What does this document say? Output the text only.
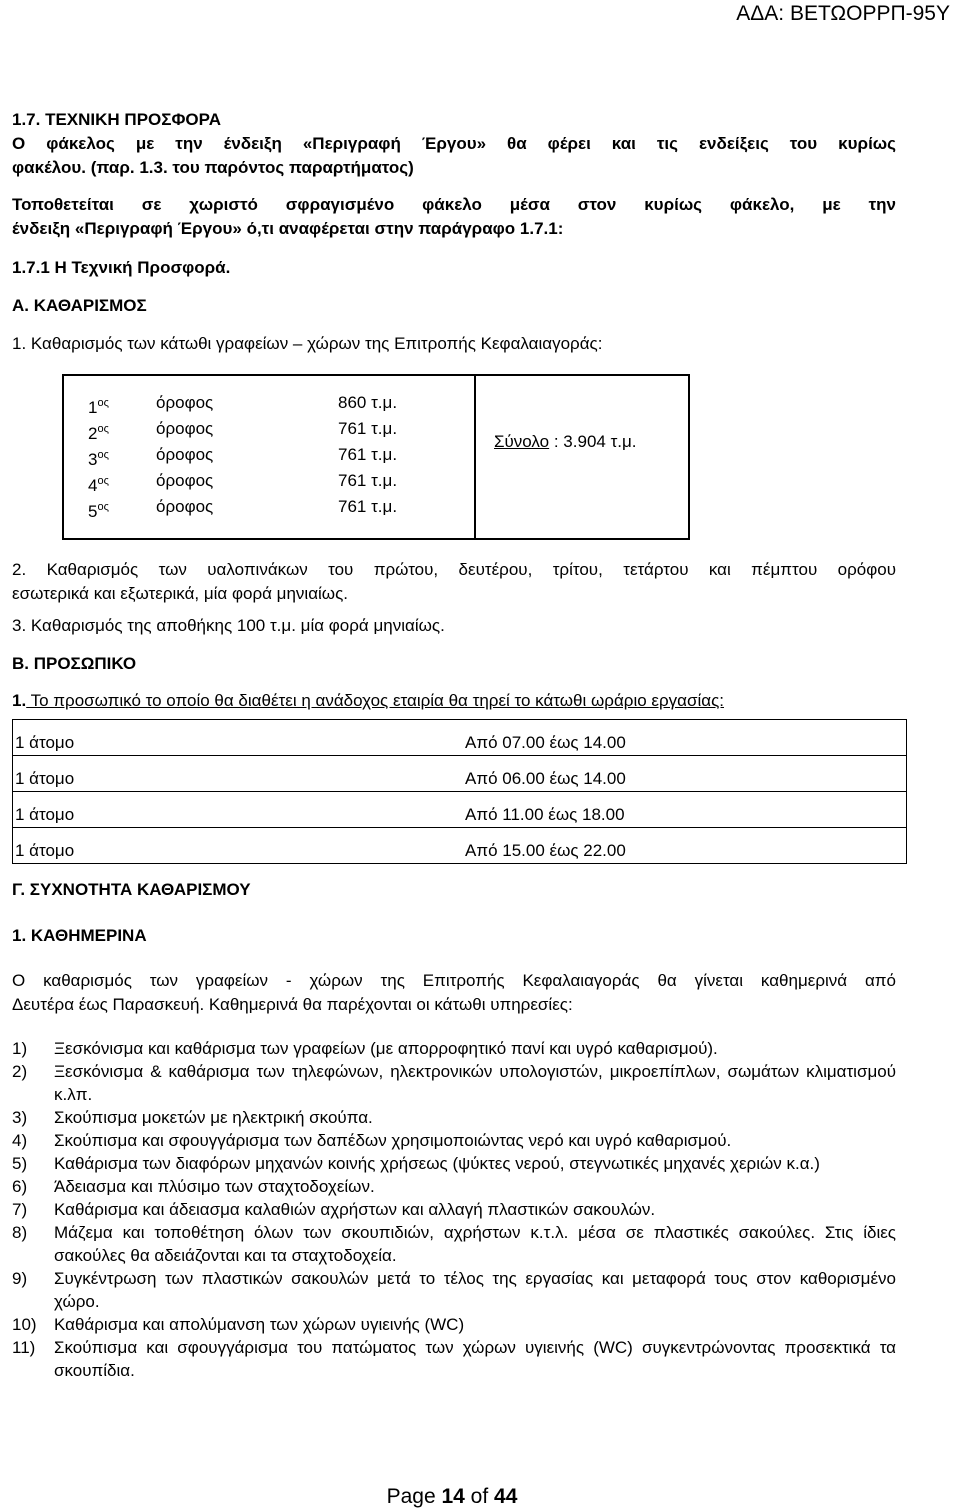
ΑΔΑ: ΒΕΤΩΟΡΡΠ-95Υ
1.7. ΤΕΧΝΙΚΗ ΠΡΟΣΦΟΡΑ
Ο φάκελος με την ένδειξη «Περιγραφή Έργου» θα φέρει και τις ενδείξεις του κυρίως
φακέλου. (παρ. 1.3. του παρόντος παραρτήματος)
Τοποθετείται σε χωριστό σφραγισμένο φάκελο μέσα στον κυρίως φάκελο, με την
ένδειξη «Περιγραφή Έργου» ό,τι αναφέρεται στην παράγραφο 1.7.1:
1.7.1 Η Τεχνική Προσφορά.
Α. ΚΑΘΑΡΙΣΜΟΣ
1. Καθαρισμός των κάτωθι γραφείων – χώρων της Επιτροπής Κεφαλαιαγοράς:
$1^{o\varsigma}$	όροφος	860 τ.μ.
$2^{o\varsigma}$	όροφος	761 τ.μ.
$3^{o\varsigma}$	όροφος	761 τ.μ.
$4^{o\varsigma}$	όροφος	761 τ.μ.
$5^{o\varsigma}$	όροφος	761 τ.μ.
Σύνολο : 3.904 τ.μ.
2. Καθαρισμός των υαλοπινάκων του πρώτου, δευτέρου, τρίτου, τετάρτου και πέμπτου ορόφου
εσωτερικά και εξωτερικά, μία φορά μηνιαίως.
3. Καθαρισμός της αποθήκης 100 τ.μ. μία φορά μηνιαίως.
Β. ΠΡΟΣΩΠΙΚΟ
1. Το προσωπικό το οποίο θα διαθέτει η ανάδοχος εταιρία θα τηρεί το κάτωθι ωράριο εργασίας:
1 άτομο	Από 07.00 έως 14.00
1 άτομο	Από 06.00 έως 14.00
1 άτομο	Από 11.00 έως 18.00
1 άτομο	Από 15.00 έως 22.00
Γ. ΣΥΧΝΟΤΗΤΑ ΚΑΘΑΡΙΣΜΟΥ
1. ΚΑΘΗΜΕΡΙΝΑ
Ο καθαρισμός των γραφείων - χώρων της Επιτροπής Κεφαλαιαγοράς θα γίνεται καθημερινά από
Δευτέρα έως Παρασκευή. Καθημερινά θα παρέχονται οι κάτωθι υπηρεσίες:
1) Ξεσκόνισμα και καθάρισμα των γραφείων (με απορροφητικό πανί και υγρό καθαρισμού).
2) Ξεσκόνισμα & καθάρισμα των τηλεφώνων, ηλεκτρονικών υπολογιστών, μικροεπίπλων, σωμάτων κλιματισμού κ.λπ.
3) Σκούπισμα μοκετών με ηλεκτρική σκούπα.
4) Σκούπισμα και σφουγγάρισμα των δαπέδων χρησιμοποιώντας νερό και υγρό καθαρισμού.
5) Καθάρισμα των διαφόρων μηχανών κοινής χρήσεως (ψύκτες νερού, στεγνωτικές μηχανές χεριών κ.α.)
6) Άδειασμα και πλύσιμο των σταχτοδοχείων.
7) Καθάρισμα και άδειασμα καλαθιών αχρήστων και αλλαγή πλαστικών σακουλών.
8) Μάζεμα και τοποθέτηση όλων των σκουπιδιών, αχρήστων κ.τ.λ. μέσα σε πλαστικές σακούλες. Στις ίδιες σακούλες θα αδειάζονται και τα σταχτοδοχεία.
9) Συγκέντρωση των πλαστικών σακουλών μετά το τέλος της εργασίας και μεταφορά τους στον καθορισμένο χώρο.
10) Καθάρισμα και απολύμανση των χώρων υγιεινής (WC)
11) Σκούπισμα και σφουγγάρισμα του πατώματος των χώρων υγιεινής (WC) συγκεντρώνοντας προσεκτικά τα σκουπίδια.
Page 14 of 44
